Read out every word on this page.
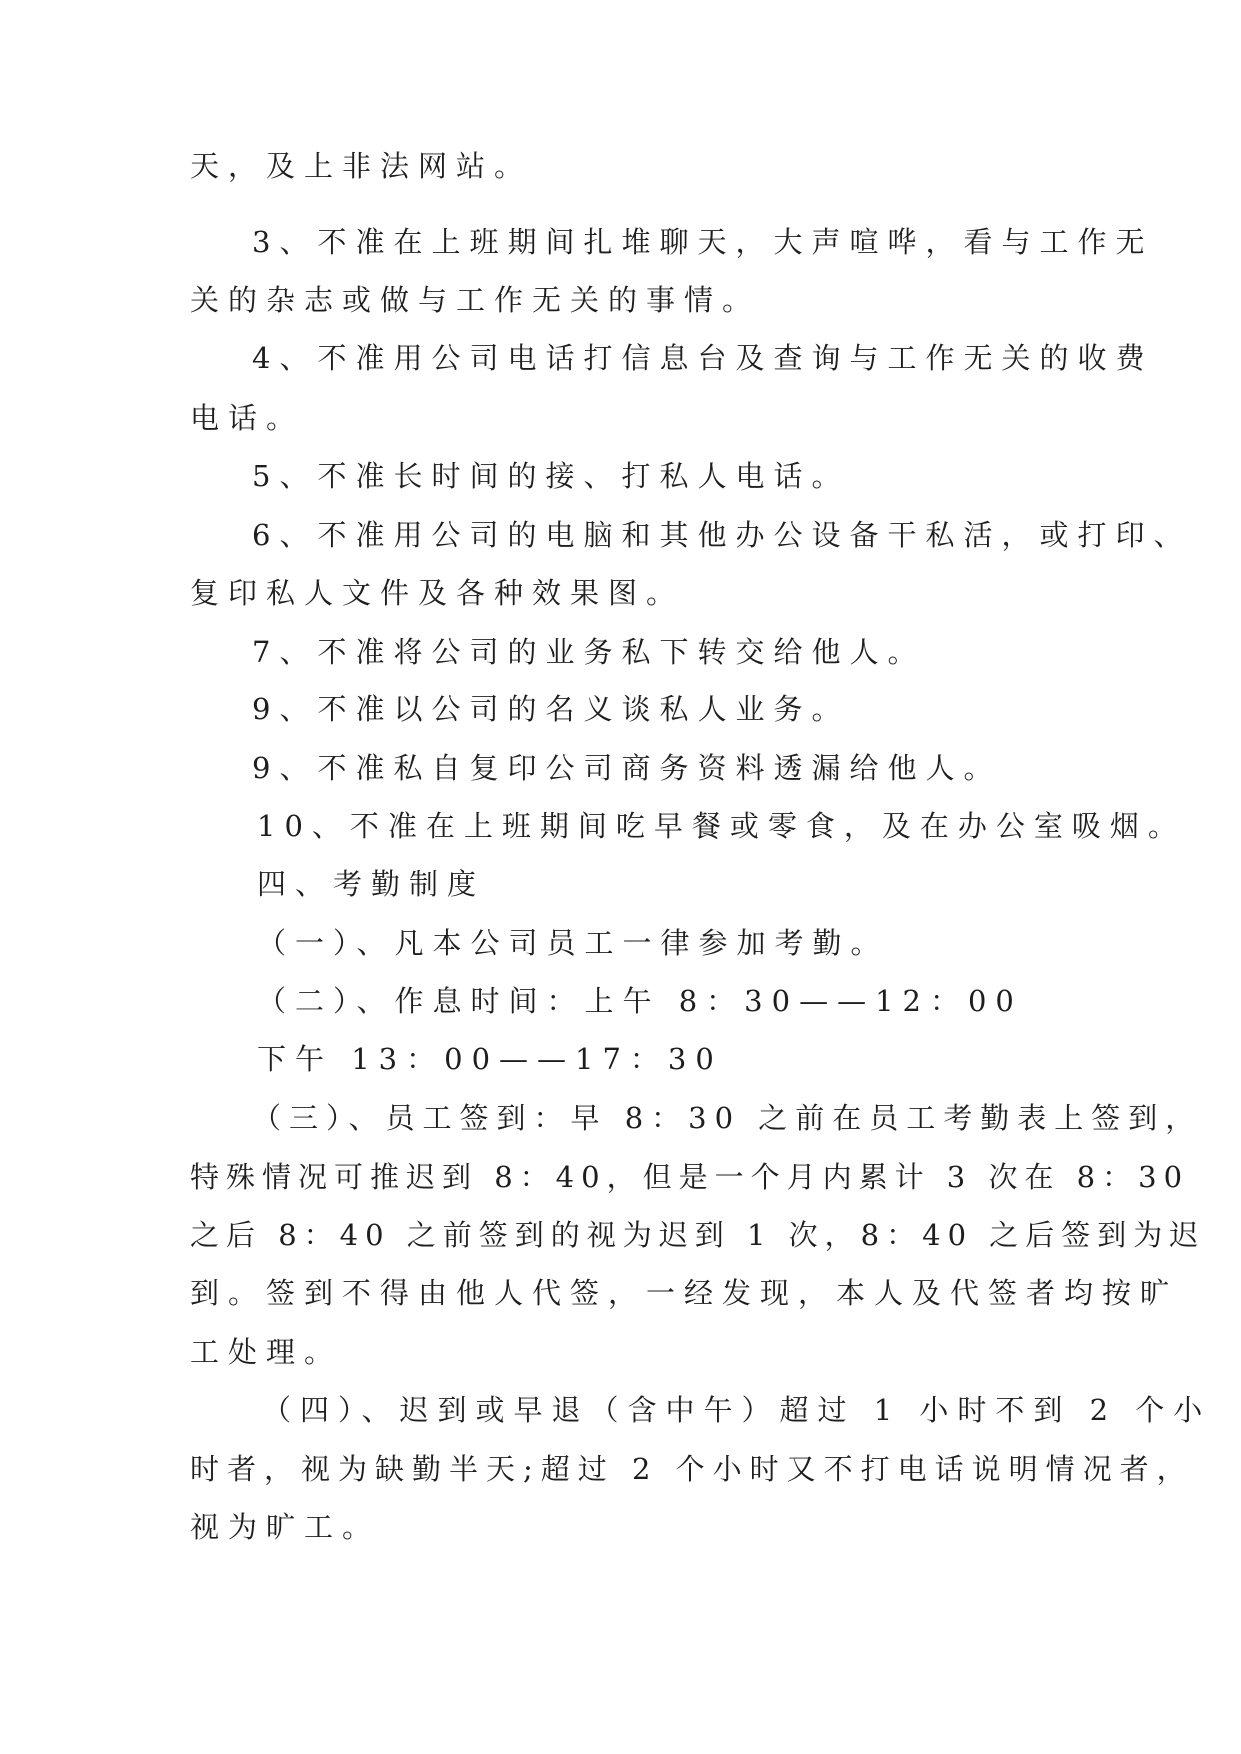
天，及上非法网站。
3、不准在上班期间扎堆聊天，大声喧哗，看与工作无
关的杂志或做与工作无关的事情。
4、不准用公司电话打信息台及查询与工作无关的收费
电话。
5、不准长时间的接、打私人电话。
6、不准用公司的电脑和其他办公设备干私活，或打印、
复印私人文件及各种效果图。
7、不准将公司的业务私下转交给他人。
9、不准以公司的名义谈私人业务。
9、不准私自复印公司商务资料透漏给他人。
10、不准在上班期间吃早餐或零食，及在办公室吸烟。
四、考勤制度
（一）、凡本公司员工一律参加考勤。
（二）、作息时间：上午 8：30——12：00
下午 13：00——17：30
（三）、员工签到：早 8：30 之前在员工考勤表上签到，
特殊情况可推迟到 8：40，但是一个月内累计 3 次在 8：30
之后 8：40 之前签到的视为迟到 1 次，8：40 之后签到为迟
到。签到不得由他人代签，一经发现，本人及代签者均按旷
工处理。
（四）、迟到或早退（含中午）超过 1 小时不到 2 个小
时者，视为缺勤半天;超过 2 个小时又不打电话说明情况者，
视为旷工。
